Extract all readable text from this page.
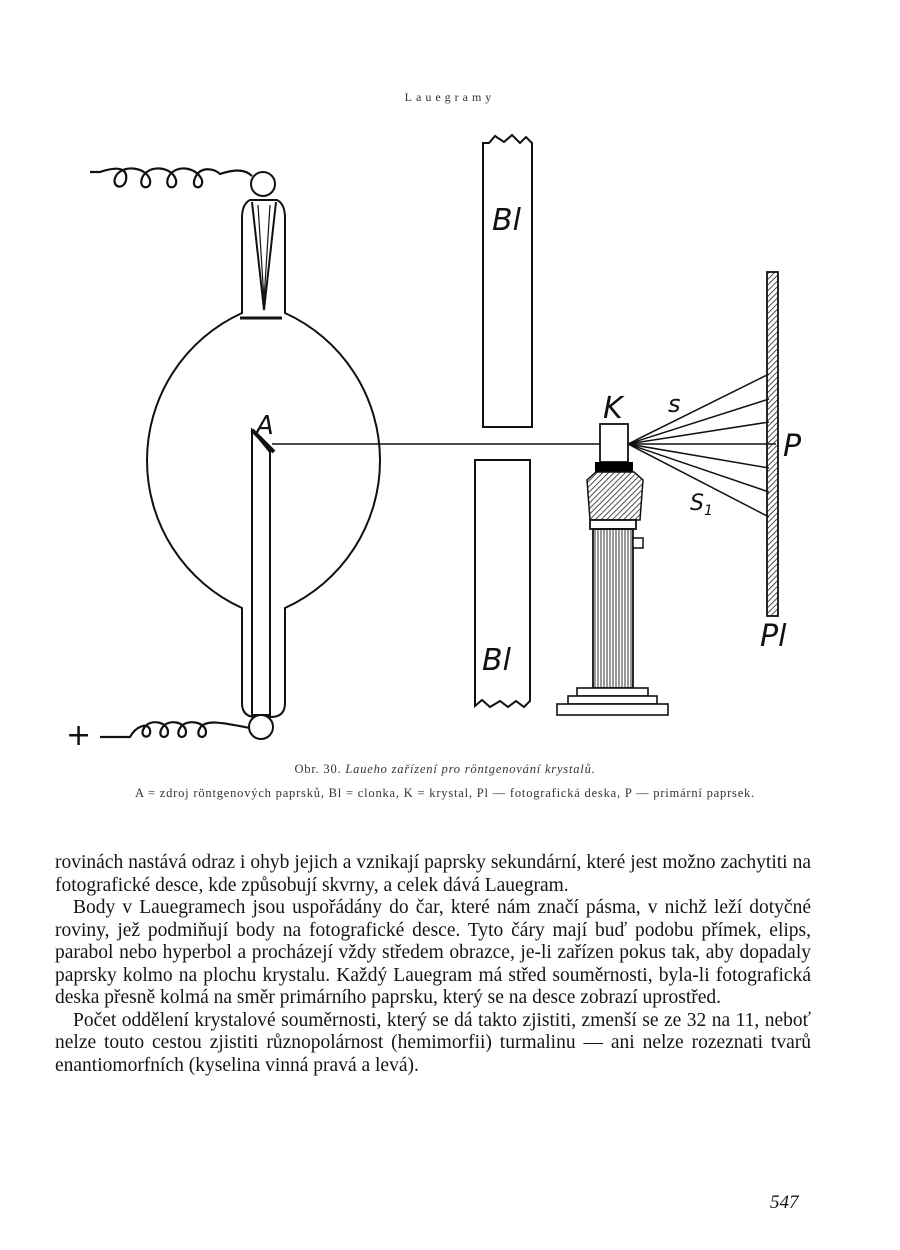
Lauegramy
A
Bl
Bl
K s
S 1
P
Pl
+
Obr. 30. Laueho zařízení pro röntgenování krystalů.
A = zdroj röntgenových paprsků, Bl = clonka, K = krystal, Pl — fotografická deska, P — primární paprsek.

rovinách nastává odraz i ohyb jejich a vznikají paprsky sekundární, které jest možno zachytiti na fotografické desce, kde způsobují skvrny, a celek dává Lauegram.

Body v Lauegramech jsou uspořádány do čar, které nám značí pásma, v nichž leží dotyčné roviny, jež podmiňují body na fotografické desce. Tyto čáry mají buď podobu přímek, elips, parabol nebo hyperbol a procházejí vždy středem obrazce, je-li zařízen pokus tak, aby dopadaly paprsky kolmo na plochu krystalu. Každý Lauegram má střed souměrnosti, byla-li fotografická deska přesně kolmá na směr primárního paprsku, který se na desce zobrazí uprostřed.

Počet oddělení krystalové souměrnosti, který se dá takto zjistiti, zmenší se ze 32 na 11, neboť nelze touto cestou zjistiti různopolárnost (hemimorfii) turmalinu — ani nelze rozeznati tvarů enantiomorfních (kyselina vinná pravá a levá).

547
